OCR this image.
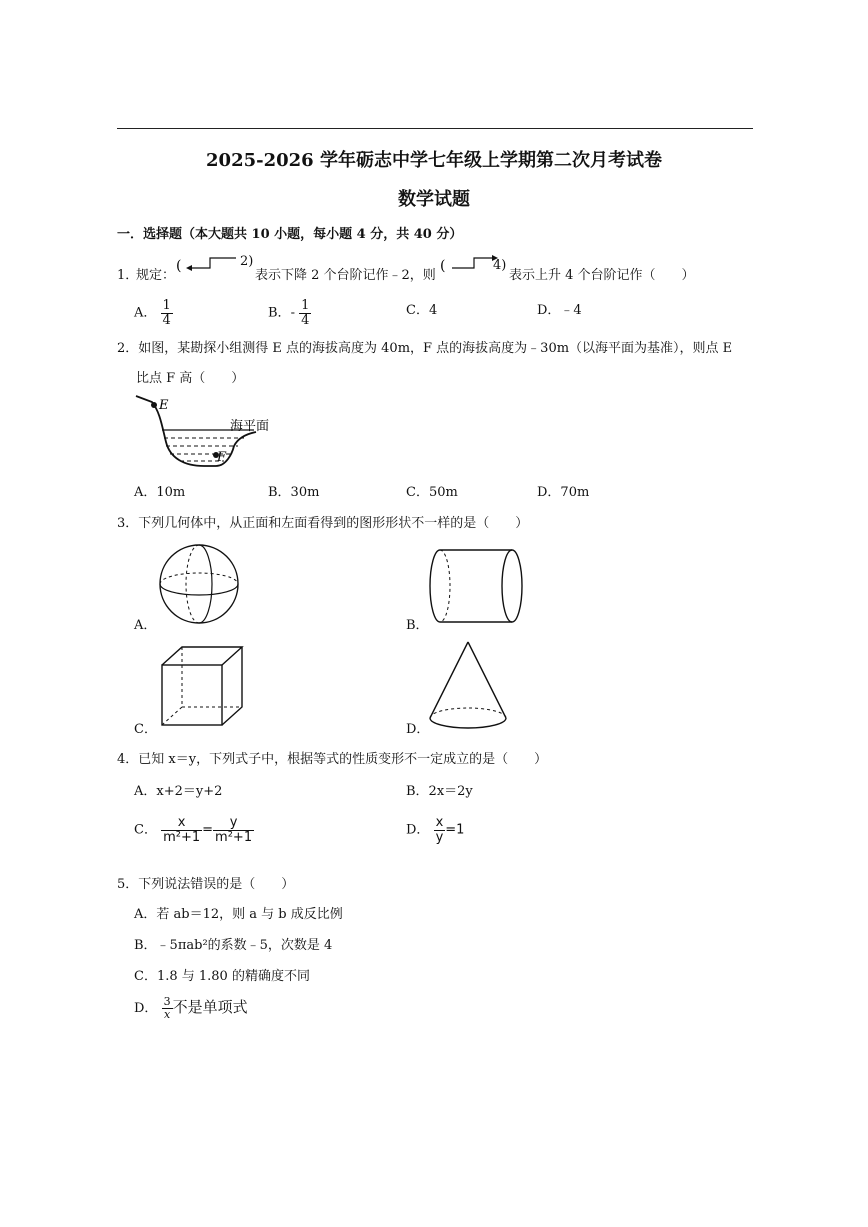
2025-2026 学年砺志中学七年级上学期第二次月考试卷
数学试题
一．选择题（本大题共 10 小题，每小题 4 分，共 40 分）
1．
规定：
(	2)
表示下降 2 个台阶记作﹣2，则
(	4)
表示上升 4 个台阶记作（　　）
A． $\frac{1}{4}$	B．- $\frac{1}{4}$	C．4	D．﹣4
2．如图，某勘探小组测得 E 点的海拔高度为 40m，F 点的海拔高度为﹣30m（以海平面为基准），则点 E
比点 F 高（　　）
E
F
海平面
A．10m	B．30m	C．50m	D．70m
3．下列几何体中，从正面和左面看得到的图形形状不一样的是（　　）
A．	B．
C．	D．
4．已知 x＝y，下列式子中，根据等式的性质变形不一定成立的是（　　）
A．x+2＝y+2	B．2x＝2y
C． $\frac{x}{\text{m²+1}} = \frac{y}{\text{m²+1}}$	D． $\frac{x}{y} =1$
5．下列说法错误的是（　　）
A．若 ab＝12，则 a 与 b 成反比例
B．﹣5πab²的系数﹣5，次数是 4
C．1.8 与 1.80 的精确度不同
D． $\frac{3}{x}$ 不是单项式
